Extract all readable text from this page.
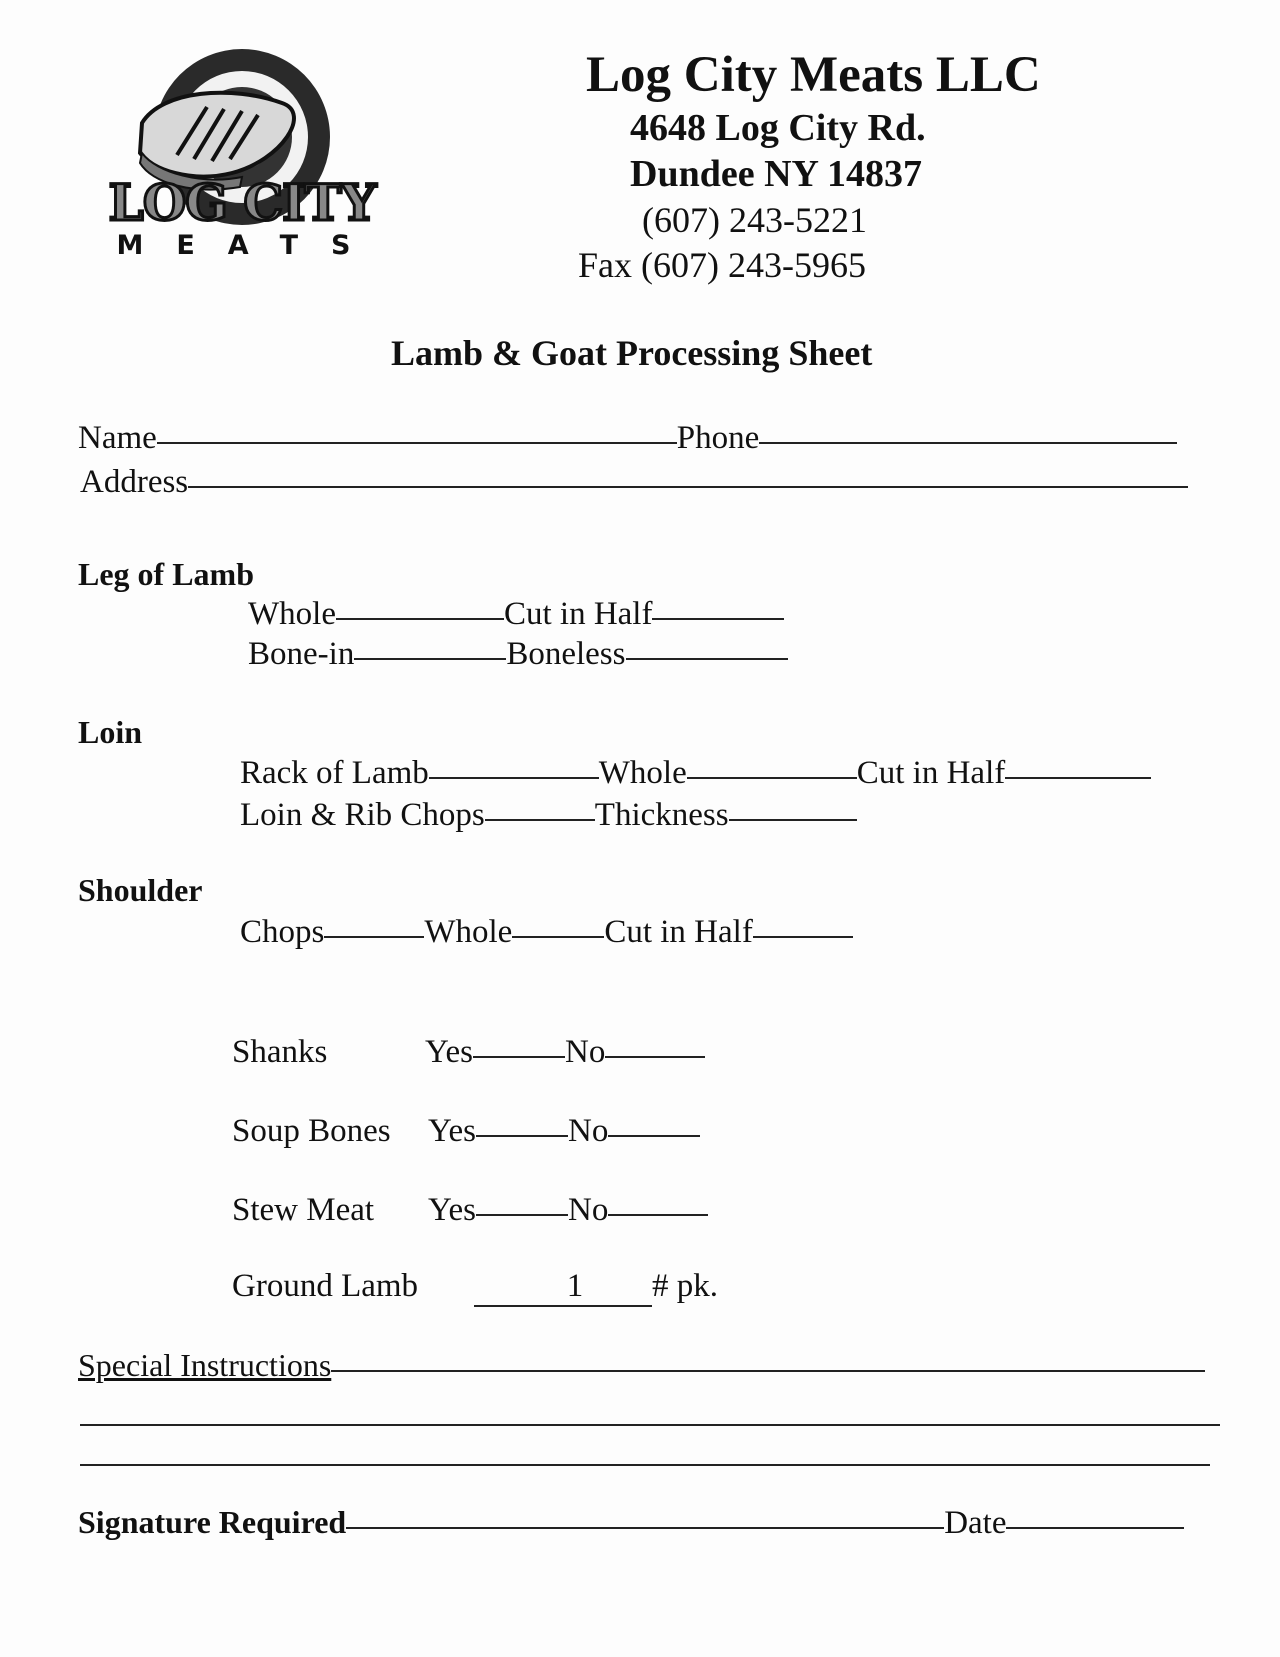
LOG CITY
MEATS
Log City Meats LLC
4648 Log City Rd.
Dundee NY 14837
(607) 243-5221
Fax (607) 243-5965
Lamb & Goat Processing Sheet
Name	Phone
Address
Leg of Lamb
Whole	Cut in Half
Bone-in	Boneless
Loin
Rack of Lamb	Whole	Cut in Half
Loin & Rib Chops	Thickness
Shoulder
Chops	Whole	Cut in Half
Shanks	Yes	No
Soup Bones	Yes	No
Stew Meat	Yes	No
Ground Lamb	1	# pk.
Special Instructions
Signature Required	Date
